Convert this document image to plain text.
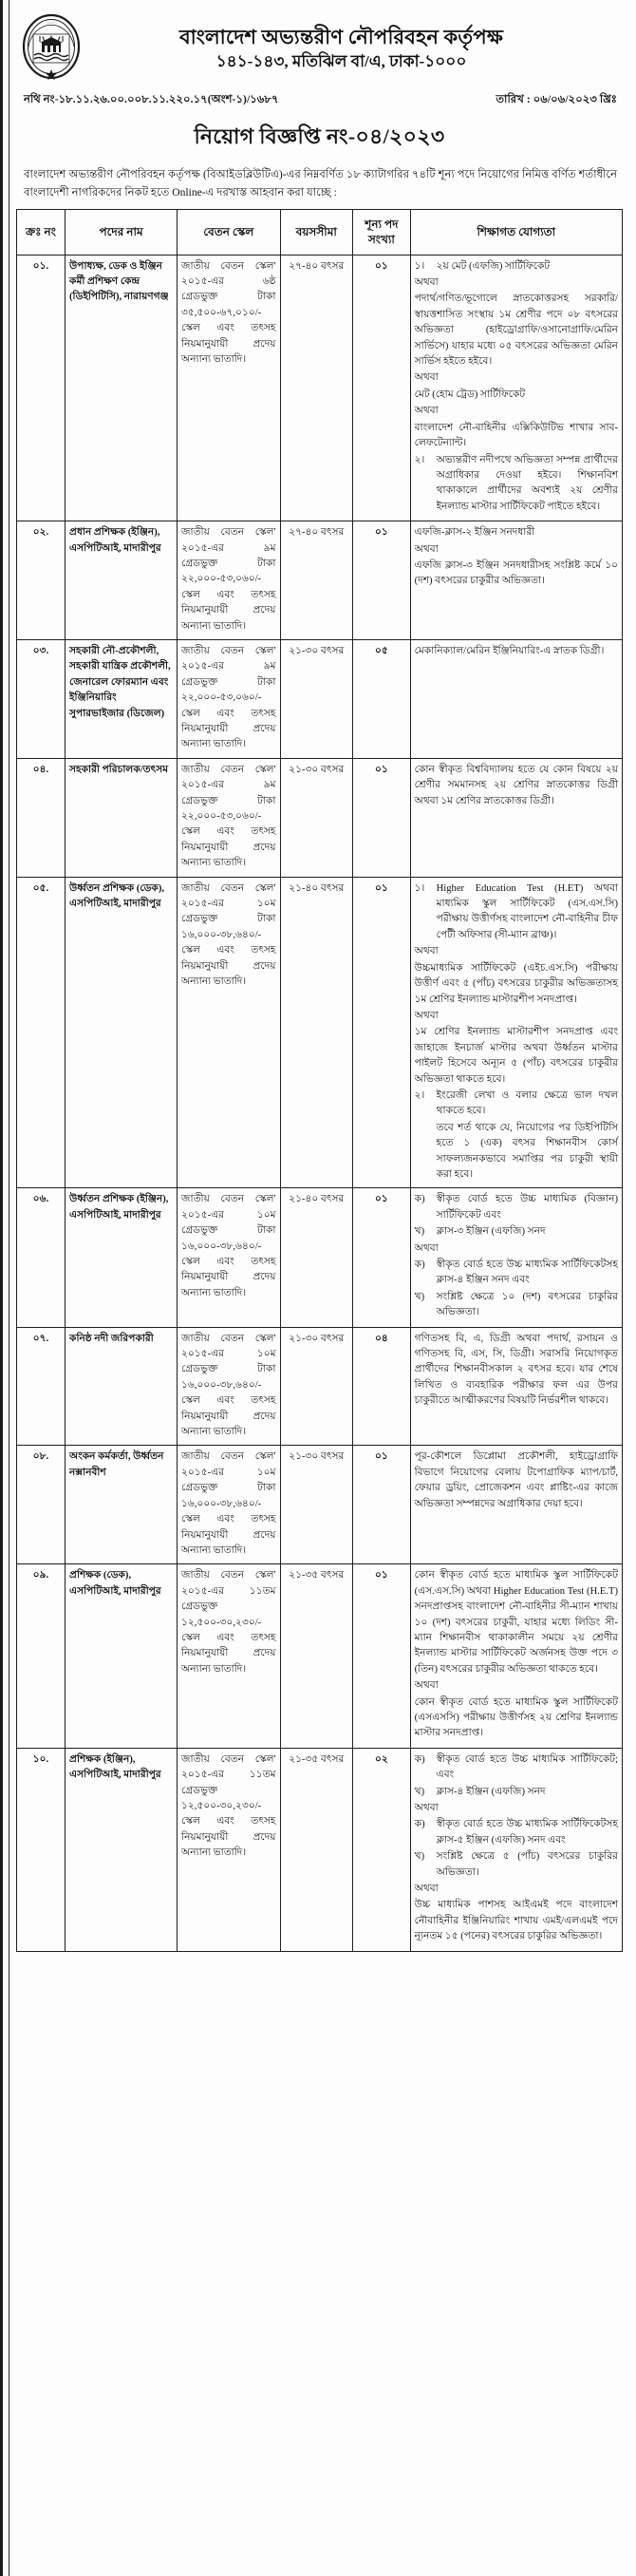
◦◦◦◦◦◦◦
বাংলাদেশ অভ্যন্তরীণ নৌপরিবহন কর্তৃপক্ষ
১৪১-১৪৩, মতিঝিল বা/এ, ঢাকা-১০০০
নথি নং-১৮.১১.২৬.০০.০০৮.১১.২২০.১৭(অংশ-১)/১৬৮৭	তারিখ : ০৬/০৬/২০২৩ খ্রিঃ
নিয়োগ বিজ্ঞপ্তি নং-০৪/২০২৩
বাংলাদেশ অভ্যন্তরীণ নৌপরিবহন কর্তৃপক্ষ (বিআইডব্লিউটিএ)-এর নিম্নবর্ণিত ১৮ ক্যাটাগরির ৭৪টি শূন্য পদে নিয়োগের নিমিত্ত বর্ণিত শর্তাধীনে বাংলাদেশী নাগরিকদের নিকট হতে Online-এ দরখাস্ত আহবান করা যাচ্ছে :
ক্রঃ নং	পদের নাম	বেতন স্কেল	বয়সসীমা	শূন্য পদ সংখ্যা	শিক্ষাগত যোগ্যতা
০১.	উপাধ্যক্ষ, ডেক ও ইঞ্জিন কর্মী প্রশিক্ষণ কেন্দ্র (ডিইপিটিসি), নারায়ণগঞ্জ	জাতীয় বেতন স্কেল' ২০১৫-এর ৬ষ্ঠ গ্রেডভুক্ত টাকা ৩৫,৫০০-৬৭,০১০/- স্কেল এবং তৎসহ নিয়মানুযায়ী প্রদেয় অন্যান্য ভাতাদি।	২৭-৪০ বৎসর	০১	১।	২য় মেট (এফজি) সার্টিফিকেট
অথবা
পদার্থ/গণিত/ভূগোলে স্নাতকোত্তরসহ সরকারি/স্বায়ত্তশাসিত সংস্থায় ১ম শ্রেণীর পদে ০৮ বৎসরের অভিজ্ঞতা (হাইড্রোগ্রাফি/ওসানোগ্রাফি/মেরিন সার্ভিসে) যাহার মধ্যে ০৫ বৎসরের অভিজ্ঞতা মেরিন সার্ভিস হইতে হইবে।
অথবা
মেট (হোম ট্রেড) সার্টিফিকেট
অথবা
বাংলাদেশ নৌ-বাহিনীর এক্সিকিউটিভ শাখার সাব-লেফটেন্যান্ট।
২।	অভ্যন্তরীণ নদীপথে অভিজ্ঞতা সম্পন্ন প্রার্থীদের অগ্রাধিকার দেওয়া হইবে। শিক্ষানবিশ থাকাকালে প্রার্থীদের অবশ্যই ২য় শ্রেণীর ইনল্যান্ড মাস্টার সার্টিফিকেট পাইতে হইবে।

০২.	প্রধান প্রশিক্ষক (ইঞ্জিন), এসপিটিআই, মাদারীপুর	জাতীয় বেতন স্কেল' ২০১৫-এর ৯ম গ্রেডভুক্ত টাকা ২২,০০০-৫৩,০৬০/- স্কেল এবং তৎসহ নিয়মানুযায়ী প্রদেয় অন্যান্য ভাতাদি।	২৭-৪০ বৎসর	০১	এফজি-ক্লাস-২ ইঞ্জিন সনদধারী
অথবা
এফজি ক্লাস-৩ ইঞ্জিন সনদধারীসহ সংশ্লিষ্ট কর্মে ১০ (দশ) বৎসরের চাকুরীর অভিজ্ঞতা।

০৩.	সহকারী নৌ-প্রকৌশলী, সহকারী যান্ত্রিক প্রকৌশলী, জেনারেল ফোরম্যান এবং ইঞ্জিনিয়ারিং সুপারভাইজার (ডিজেল)	জাতীয় বেতন স্কেল' ২০১৫-এর ৯ম গ্রেডভুক্ত টাকা ২২,০০০-৫৩,০৬০/- স্কেল এবং তৎসহ নিয়মানুযায়ী প্রদেয় অন্যান্য ভাতাদি।	২১-৩০ বৎসর	০৫	মেকানিক্যাল/মেরিন ইঞ্জিনিয়ারিং-এ স্নাতক ডিগ্রী।

০৪.	সহকারী পরিচালক/তৎসম	জাতীয় বেতন স্কেল' ২০১৫-এর ৯ম গ্রেডভুক্ত টাকা ২২,০০০-৫৩,০৬০/- স্কেল এবং তৎসহ নিয়মানুযায়ী প্রদেয় অন্যান্য ভাতাদি।	২১-৩০ বৎসর	০১	কোন স্বীকৃত বিশ্ববিদ্যালয় হতে যে কোন বিষয়ে ২য় শ্রেণীর সমমানসহ ২য় শ্রেণির স্নাতকোত্তর ডিগ্রী অথবা ১ম শ্রেণির স্নাতকোত্তর ডিগ্রী।

০৫.	উর্ধ্বতন প্রশিক্ষক (ডেক), এসপিটিআই, মাদারীপুর	জাতীয় বেতন স্কেল' ২০১৫-এর ১০ম গ্রেডভুক্ত টাকা ১৬,০০০-৩৮,৬৪০/- স্কেল এবং তৎসহ নিয়মানুযায়ী প্রদেয় অন্যান্য ভাতাদি।	২১-৪০ বৎসর	০১	১।	Higher Education Test (H.ET) অথবা মাধ্যমিক স্কুল সার্টিফিকেট (এস.এস.সি) পরীক্ষায় উত্তীর্ণসহ বাংলাদেশ নৌ-বাহিনীর চীফ পেটী অফিসার (সী-ম্যান ব্রাঞ্চ)।
অথবা
উচ্চমাধ্যমিক সার্টিফিকেট (এইচ.এস.সি) পরীক্ষায় উত্তীর্ণ এবং ৫ (পাঁচ) বৎসরের চাকুরীর অভিজ্ঞতাসহ ১ম শ্রেণির ইনল্যান্ড মাস্টারশীপ সনদপ্রাপ্ত।
অথবা
১ম শ্রেণির ইনল্যান্ড মাস্টারশীপ সনদপ্রাপ্ত এবং জাহাজে ইনচার্জ মাস্টার অথবা উর্ধ্বতন মাস্টার পাইলট হিসেবে অন্যূন ৫ (পাঁচ) বৎসরের চাকুরীর অভিজ্ঞতা থাকতে হবে।
২।	ইংরেজী লেখা ও বলার ক্ষেত্রে ভাল দখল থাকতে হবে।
তবে শর্ত থাকে যে, নিয়োগের পর ডিইপিটিসি হতে ১ (এক) বৎসর শিক্ষানবীস কোর্স সাফল্যজনকভাবে সমাপ্তির পর চাকুরী স্থায়ী করা হবে।

০৬.	উর্ধ্বতন প্রশিক্ষক (ইঞ্জিন), এসপিটিআই, মাদারীপুর	জাতীয় বেতন স্কেল' ২০১৫-এর ১০ম গ্রেডভুক্ত টাকা ১৬,০০০-৩৮,৬৪০/- স্কেল এবং তৎসহ নিয়মানুযায়ী প্রদেয় অন্যান্য ভাতাদি।	২১-৪০ বৎসর	০১	ক)	স্বীকৃত বোর্ড হতে উচ্চ মাধ্যমিক (বিজ্ঞান) সার্টিফিকেট এবং
খ)	ক্লাস-৩ ইঞ্জিন (এফজি) সনদ
অথবা
ক)	স্বীকৃত বোর্ড হতে উচ্চ মাধ্যমিক সার্টিফিকেটসহ ক্লাস-৪ ইঞ্জিন সনদ এবং
খ)	সংশ্লিষ্ট ক্ষেত্রে ১০ (দশ) বৎসরের চাকুরির অভিজ্ঞতা।

০৭.	কনিষ্ঠ নদী জরিপকারী	জাতীয় বেতন স্কেল' ২০১৫-এর ১০ম গ্রেডভুক্ত টাকা ১৬,০০০-৩৮,৬৪০/- স্কেল এবং তৎসহ নিয়মানুযায়ী প্রদেয় অন্যান্য ভাতাদি।	২১-৩০ বৎসর	০৪	গণিতসহ বি, এ, ডিগ্রী অথবা পদার্থ, রসায়ন ও গণিতসহ বি, এস, সি, ডিগ্রী। সরাসরি নিয়োগকৃত প্রার্থীদের শিক্ষানবীসকাল ২ বৎসর হবে। যার শেষে লিখিত ও ব্যবহারিক পরীক্ষার ফল এর উপর চাকুরীতে আত্মীকরণের বিষয়টি নির্ভরশীল থাকবে।

০৮.	অংকন কর্মকর্তা, উর্ধ্বতন নক্সানবীশ	জাতীয় বেতন স্কেল' ২০১৫-এর ১০ম গ্রেডভুক্ত টাকা ১৬,০০০-৩৮,৬৪০/- স্কেল এবং তৎসহ নিয়মানুযায়ী প্রদেয় অন্যান্য ভাতাদি।	২১-৩০ বৎসর	০১	পূর-কৌশলে ডিপ্লোমা প্রকৌশলী, হাইড্রোগ্রাফি বিভাগে নিয়োগের বেলায় টপোগ্রাফিক ম্যাপ/চার্ট, ফেয়ার ড্রয়িং, প্রোজেকশন এবং প্লাষ্টিং-এর কাজে অভিজ্ঞতা সম্পন্নদের অগ্রাধিকার দেয়া হবে।

০৯.	প্রশিক্ষক (ডেক), এসপিটিআই, মাদারীপুর	জাতীয় বেতন স্কেল' ২০১৫-এর ১১তম গ্রেডভুক্ত ১২,৫০০-৩০,২৩০/- স্কেল এবং তৎসহ নিয়মানুযায়ী প্রদেয় অন্যান্য ভাতাদি।	২১-৩৫ বৎসর	০১	কোন স্বীকৃত বোর্ড হতে মাধ্যমিক স্কুল সার্টিফিকেট (এস.এস.সি) অথবা Higher Education Test (H.E.T) সনদপ্রাপ্তসহ বাংলাদেশ নৌ-বাহিনীর সী-ম্যান শাখায় ১০ (দশ) বৎসরের চাকুরী, যাহার মধ্যে লিডিং সী-ম্যান শিক্ষানবীস থাকাকালীন সময়ে ২য় শ্রেণীর ইনল্যান্ড মাস্টার সার্টিফিকেট অর্জনসহ উক্ত পদে ৩ (তিন) বৎসরের চাকুরীর অভিজ্ঞতা থাকতে হবে।
অথবা
কোন স্বীকৃত বোর্ড হতে মাধ্যমিক স্কুল সার্টিফিকেট (এসএসসি) পরীক্ষায় উত্তীর্ণসহ ২য় শ্রেণির ইনল্যান্ড মাস্টার সনদপ্রাপ্ত।

১০.	প্রশিক্ষক (ইঞ্জিন), এসপিটিআই, মাদারীপুর	জাতীয় বেতন স্কেল' ২০১৫-এর ১১তম গ্রেডভুক্ত ১২,৫০০-৩০,২৩০/- স্কেল এবং তৎসহ নিয়মানুযায়ী প্রদেয় অন্যান্য ভাতাদি।	২১-৩৫ বৎসর	০২	ক)	স্বীকৃত বোর্ড হতে উচ্চ মাধ্যমিক সার্টিফিকেট; এবং
খ)	ক্লাস-৪ ইঞ্জিন (এফজি) সনদ
অথবা
ক)	স্বীকৃত বোর্ড হতে উচ্চ মাধ্যমিক সার্টিফিকেটসহ ক্লাস-৫ ইঞ্জিন (এফজি) সনদ এবং
খ)	সংশ্লিষ্ট ক্ষেত্রে ৫ (পাঁচ) বৎসরের চাকুরির অভিজ্ঞতা।
অথবা
উচ্চ মাধ্যমিক পাশসহ আইএমই পদে বাংলাদেশ নৌবাহিনীর ইঞ্জিনিয়ারিং শাখায় এমই/এলএমই পদে ন্যূনতম ১৫ (পনের) বৎসরের চাকুরির অভিজ্ঞতা।
